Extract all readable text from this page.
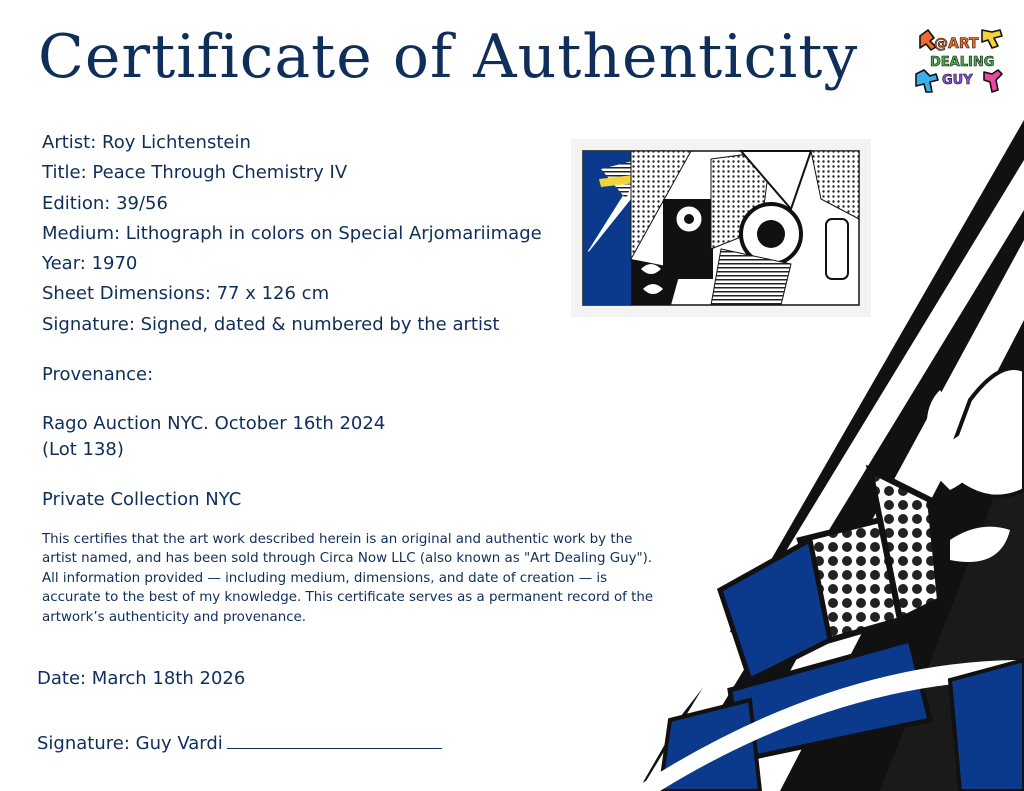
Certificate of Authenticity	@ART
DEALING
GUY
Artist: Roy Lichtenstein
Title: Peace Through Chemistry IV
Edition: 39/56
Medium: Lithograph in colors on Special Arjomariimage
Year: 1970
Sheet Dimensions: 77 x 126 cm
Signature: Signed, dated & numbered by the artist
Provenance:
Rago Auction NYC. October 16th 2024
(Lot 138)
Private Collection NYC

This certifies that the art work described herein is an original and authentic work by the artist named, and has been sold through Circa Now LLC (also known as "Art Dealing Guy"). All information provided — including medium, dimensions, and date of creation — is accurate to the best of my knowledge. This certificate serves as a permanent record of the artwork’s authenticity and provenance.

Date: March 18th 2026
Signature: Guy Vardi
